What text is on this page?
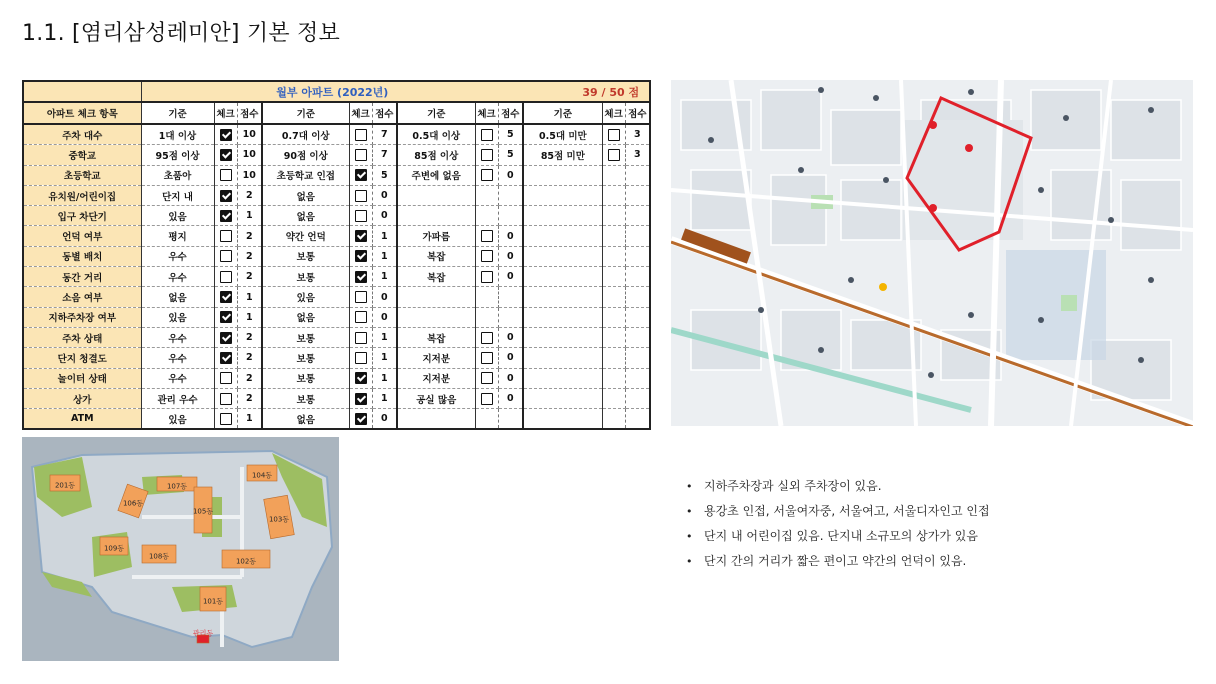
1.1. [염리삼성레미안] 기본 정보
	월부 아파트 (2022년)									39 / 50 점		
아파트 체크 항목	기준	체크	점수	기준	체크	점수	기준	체크	점수	기준	체크	점수
주차 대수	1대 이상		10	0.7대 이상		7	0.5대 이상		5	0.5대 미만		3
중학교	95점 이상		10	90점 이상		7	85점 이상		5	85점 미만		3
초등학교	초품아		10	초등학교 인접		5	주변에 없음		0			
유치원/어린이집	단지 내		2	없음		0						
입구 차단기	있음		1	없음		0						
언덕 여부	평지		2	약간 언덕		1	가파름		0			
동별 배치	우수		2	보통		1	복잡		0			
동간 거리	우수		2	보통		1	복잡		0			
소음 여부	없음		1	있음		0						
지하주차장 여부	있음		1	없음		0						
주차 상태	우수		2	보통		1	복잡		0			
단지 청결도	우수		2	보통		1	지저분		0			
놀이터 상태	우수		2	보통		1	지저분		0			
상가	관리 우수		2	보통		1	공실 많음		0			
ATM	있음		1	없음		0						
201동	107동
106동
105동
104동
103동
109동
108동
102동
101동
관리동
• 지하주차장과 실외 주차장이 있음.
• 용강초 인접, 서울여자중, 서울여고, 서울디자인고 인접
• 단지 내 어린이집 있음. 단지내 소규모의 상가가 있음
• 단지 간의 거리가 짧은 편이고 약간의 언덕이 있음.
